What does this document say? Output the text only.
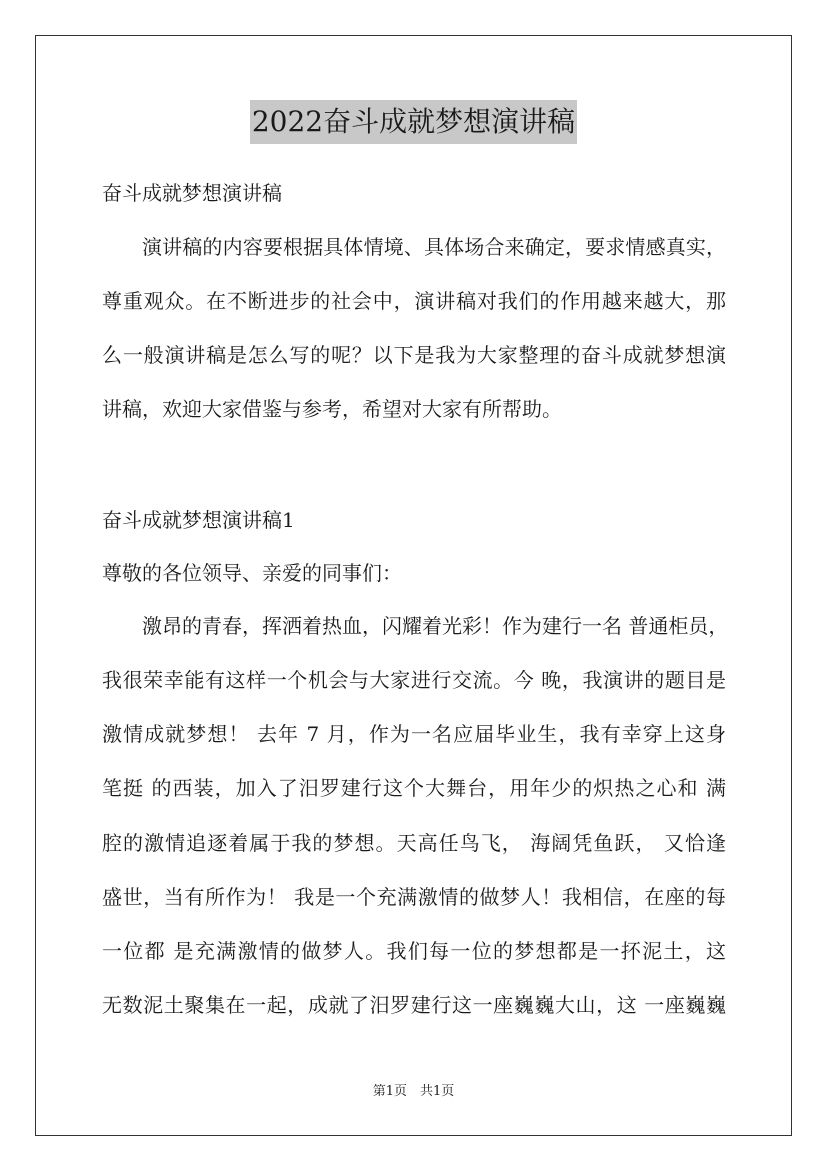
2022奋斗成就梦想演讲稿

奋斗成就梦想演讲稿

演讲稿的内容要根据具体情境、具体场合来确定，要求情感真实，

尊重观众。在不断进步的社会中，演讲稿对我们的作用越来越大，那

么一般演讲稿是怎么写的呢？以下是我为大家整理的奋斗成就梦想演

讲稿，欢迎大家借鉴与参考，希望对大家有所帮助。

奋斗成就梦想演讲稿1

尊敬的各位领导、亲爱的同事们：

激昂的青春，挥洒着热血，闪耀着光彩！作为建行一名 普通柜员，

我很荣幸能有这样一个机会与大家进行交流。今 晚，我演讲的题目是

激情成就梦想！ 去年 7 月，作为一名应届毕业生，我有幸穿上这身

笔挺 的西装，加入了汨罗建行这个大舞台，用年少的炽热之心和 满

腔的激情追逐着属于我的梦想。天高任鸟飞， 海阔凭鱼跃， 又恰逢

盛世，当有所作为！ 我是一个充满激情的做梦人！我相信，在座的每

一位都 是充满激情的做梦人。我们每一位的梦想都是一抔泥土，这

无数泥土聚集在一起，成就了汨罗建行这一座巍巍大山，这 一座巍巍

第1页　共1页
